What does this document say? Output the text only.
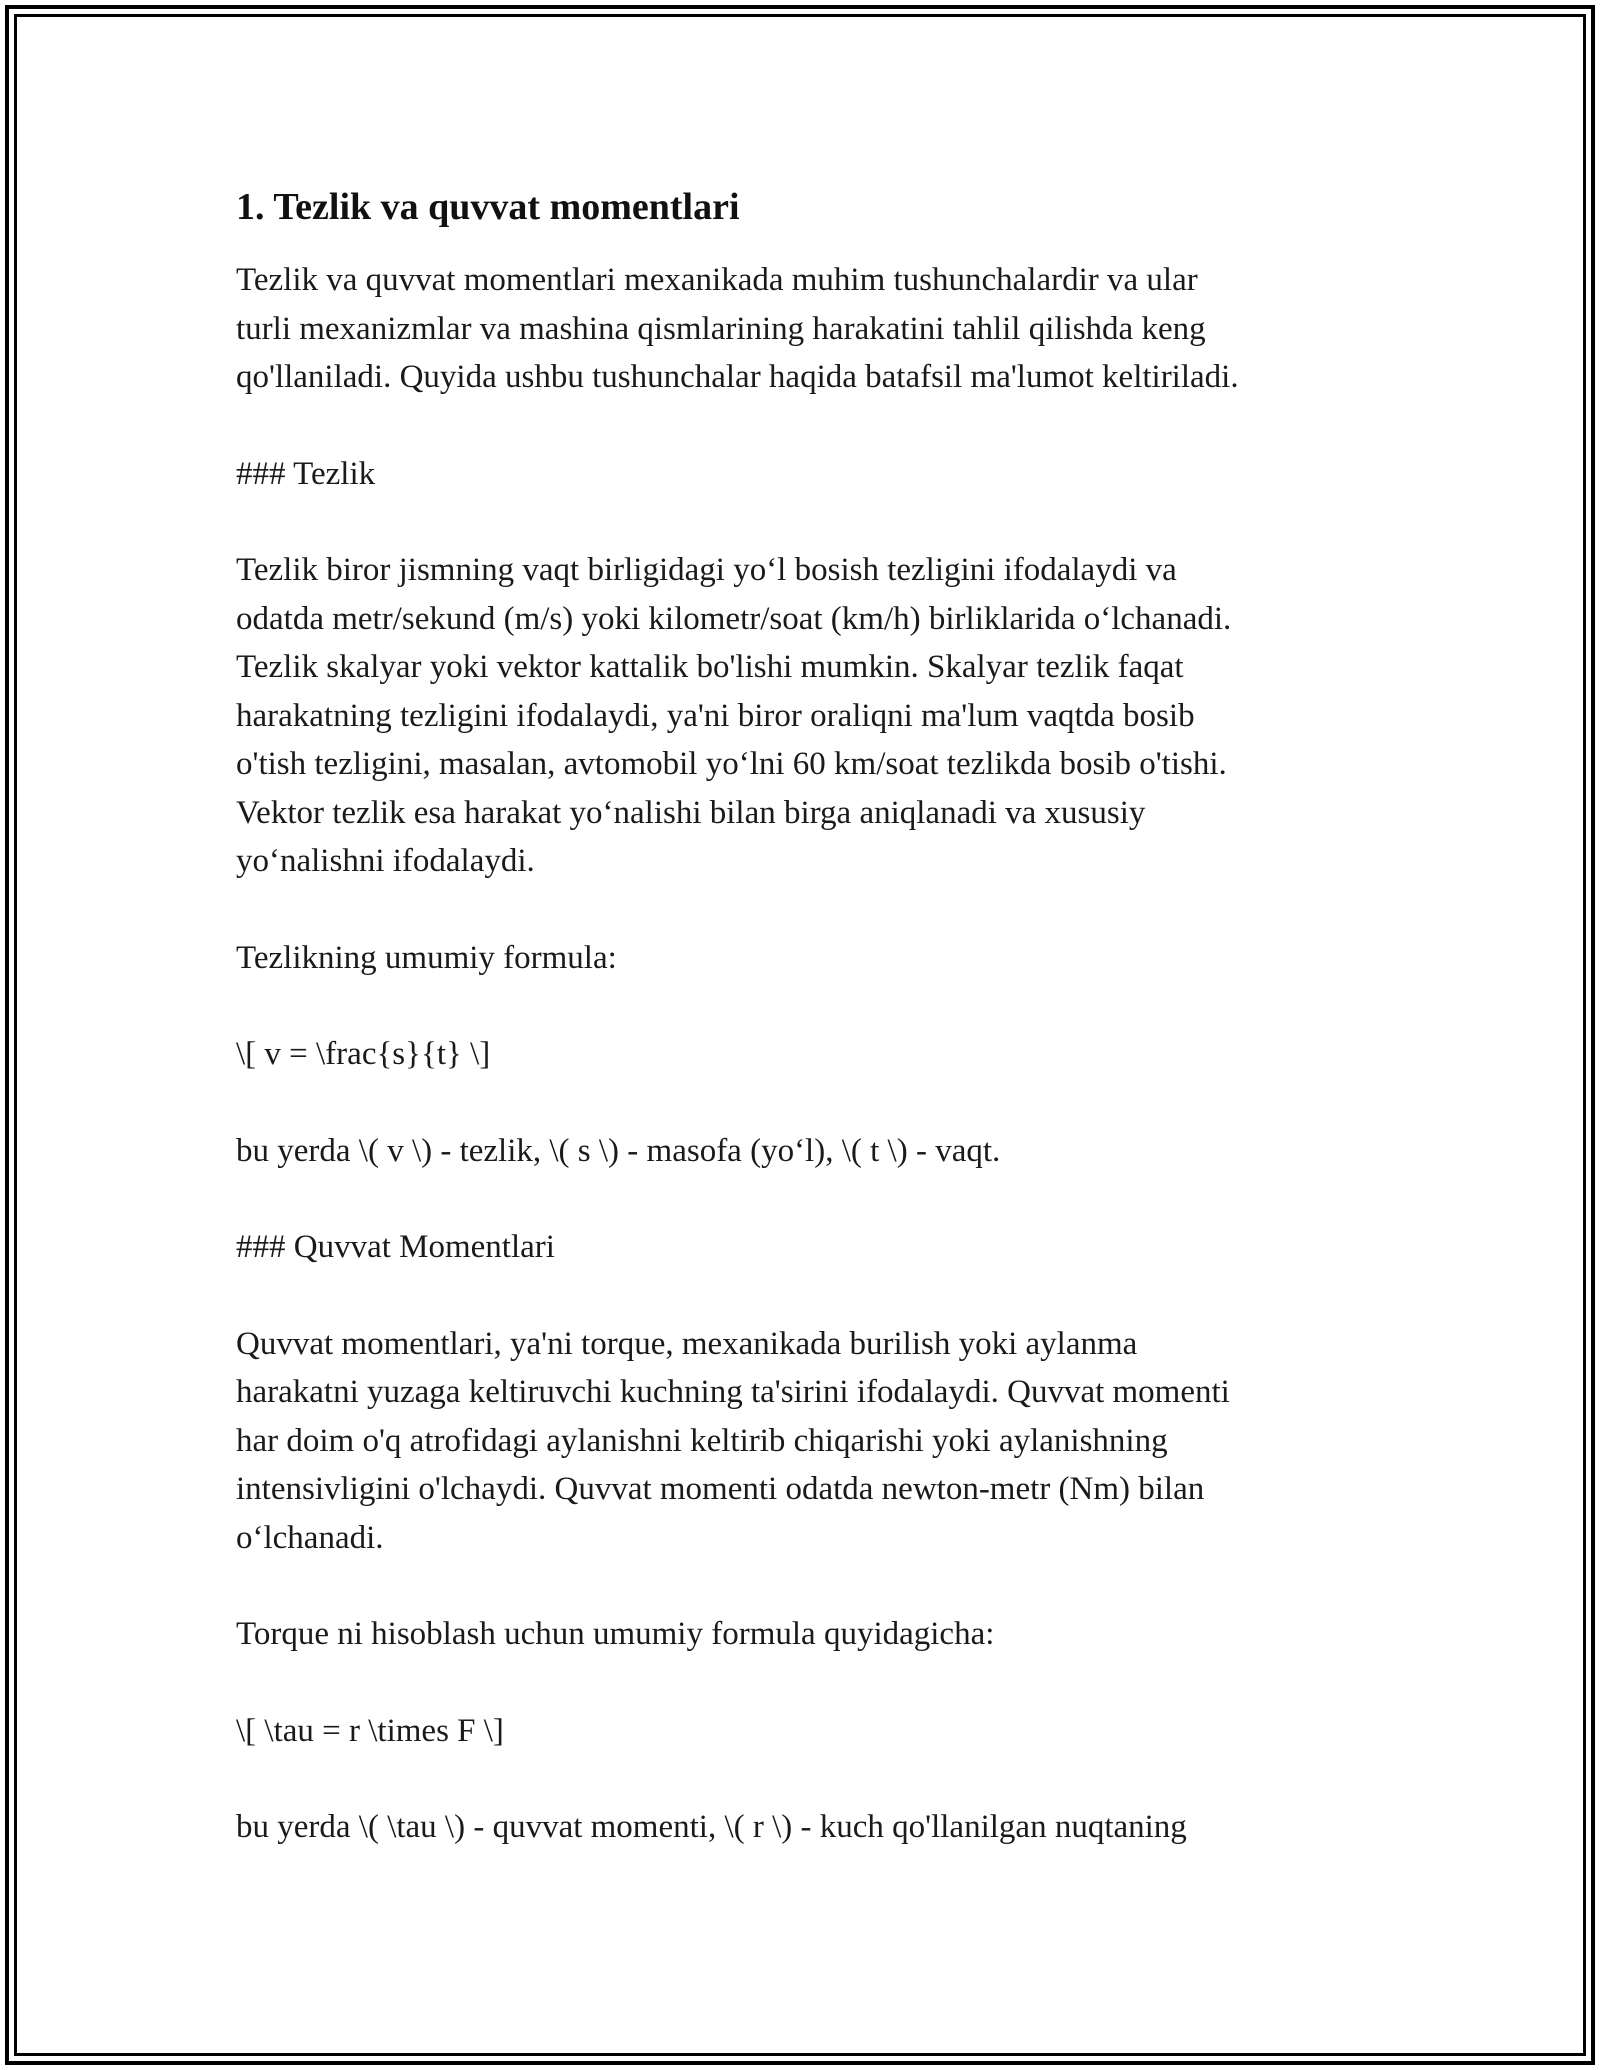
1. Tezlik va quvvat momentlari

Tezlik va quvvat momentlari mexanikada muhim tushunchalardir va ular
turli mexanizmlar va mashina qismlarining harakatini tahlil qilishda keng
qo'llaniladi. Quyida ushbu tushunchalar haqida batafsil ma'lumot keltiriladi.

### Tezlik

Tezlik biror jismning vaqt birligidagi yo‘l bosish tezligini ifodalaydi va
odatda metr/sekund (m/s) yoki kilometr/soat (km/h) birliklarida o‘lchanadi.
Tezlik skalyar yoki vektor kattalik bo'lishi mumkin. Skalyar tezlik faqat
harakatning tezligini ifodalaydi, ya'ni biror oraliqni ma'lum vaqtda bosib
o'tish tezligini, masalan, avtomobil yo‘lni 60 km/soat tezlikda bosib o'tishi.
Vektor tezlik esa harakat yo‘nalishi bilan birga aniqlanadi va xususiy
yo‘nalishni ifodalaydi.

Tezlikning umumiy formula:

\[ v = \frac{s}{t} \]

bu yerda \( v \) - tezlik, \( s \) - masofa (yo‘l), \( t \) - vaqt.

### Quvvat Momentlari

Quvvat momentlari, ya'ni torque, mexanikada burilish yoki aylanma
harakatni yuzaga keltiruvchi kuchning ta'sirini ifodalaydi. Quvvat momenti
har doim o'q atrofidagi aylanishni keltirib chiqarishi yoki aylanishning
intensivligini o'lchaydi. Quvvat momenti odatda newton-metr (Nm) bilan
o‘lchanadi.

Torque ni hisoblash uchun umumiy formula quyidagicha:

\[ \tau = r \times F \]

bu yerda \( \tau \) - quvvat momenti, \( r \) - kuch qo'llanilgan nuqtaning
